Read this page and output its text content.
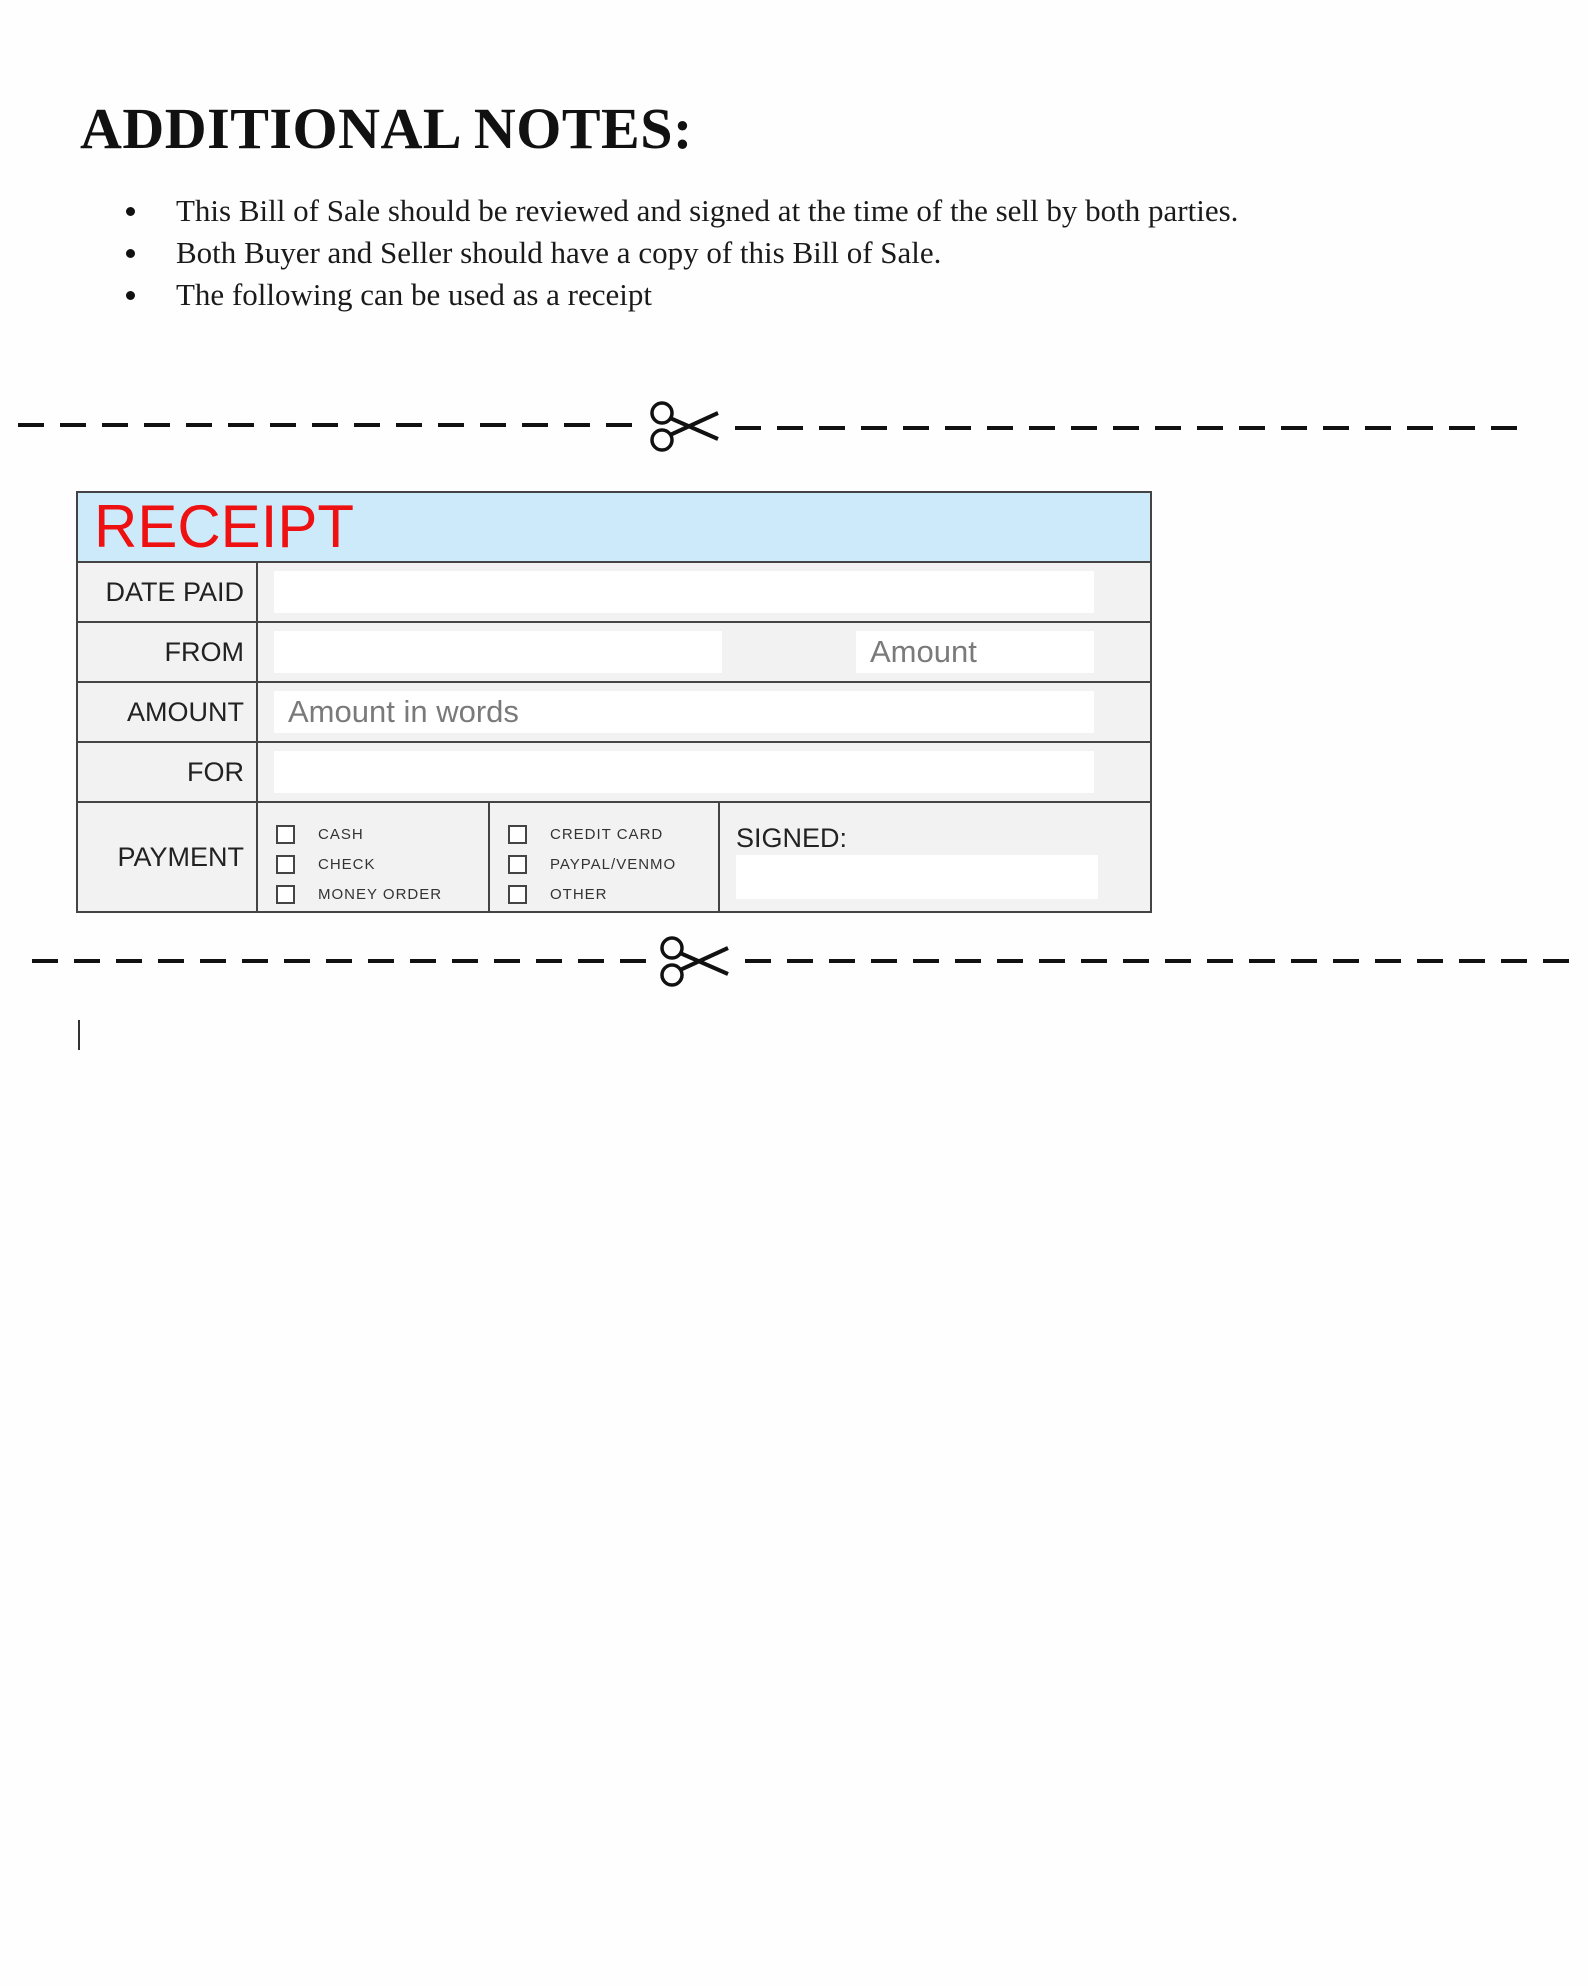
ADDITIONAL NOTES:
This Bill of Sale should be reviewed and signed at the time of the sell by both parties.
Both Buyer and Seller should have a copy of this Bill of Sale.
The following can be used as a receipt
RECEIPT
DATE PAID
FROM
Amount
AMOUNT
Amount in words
FOR
PAYMENT
CASH
CHECK
MONEY ORDER
CREDIT CARD
PAYPAL/VENMO
OTHER
SIGNED:
